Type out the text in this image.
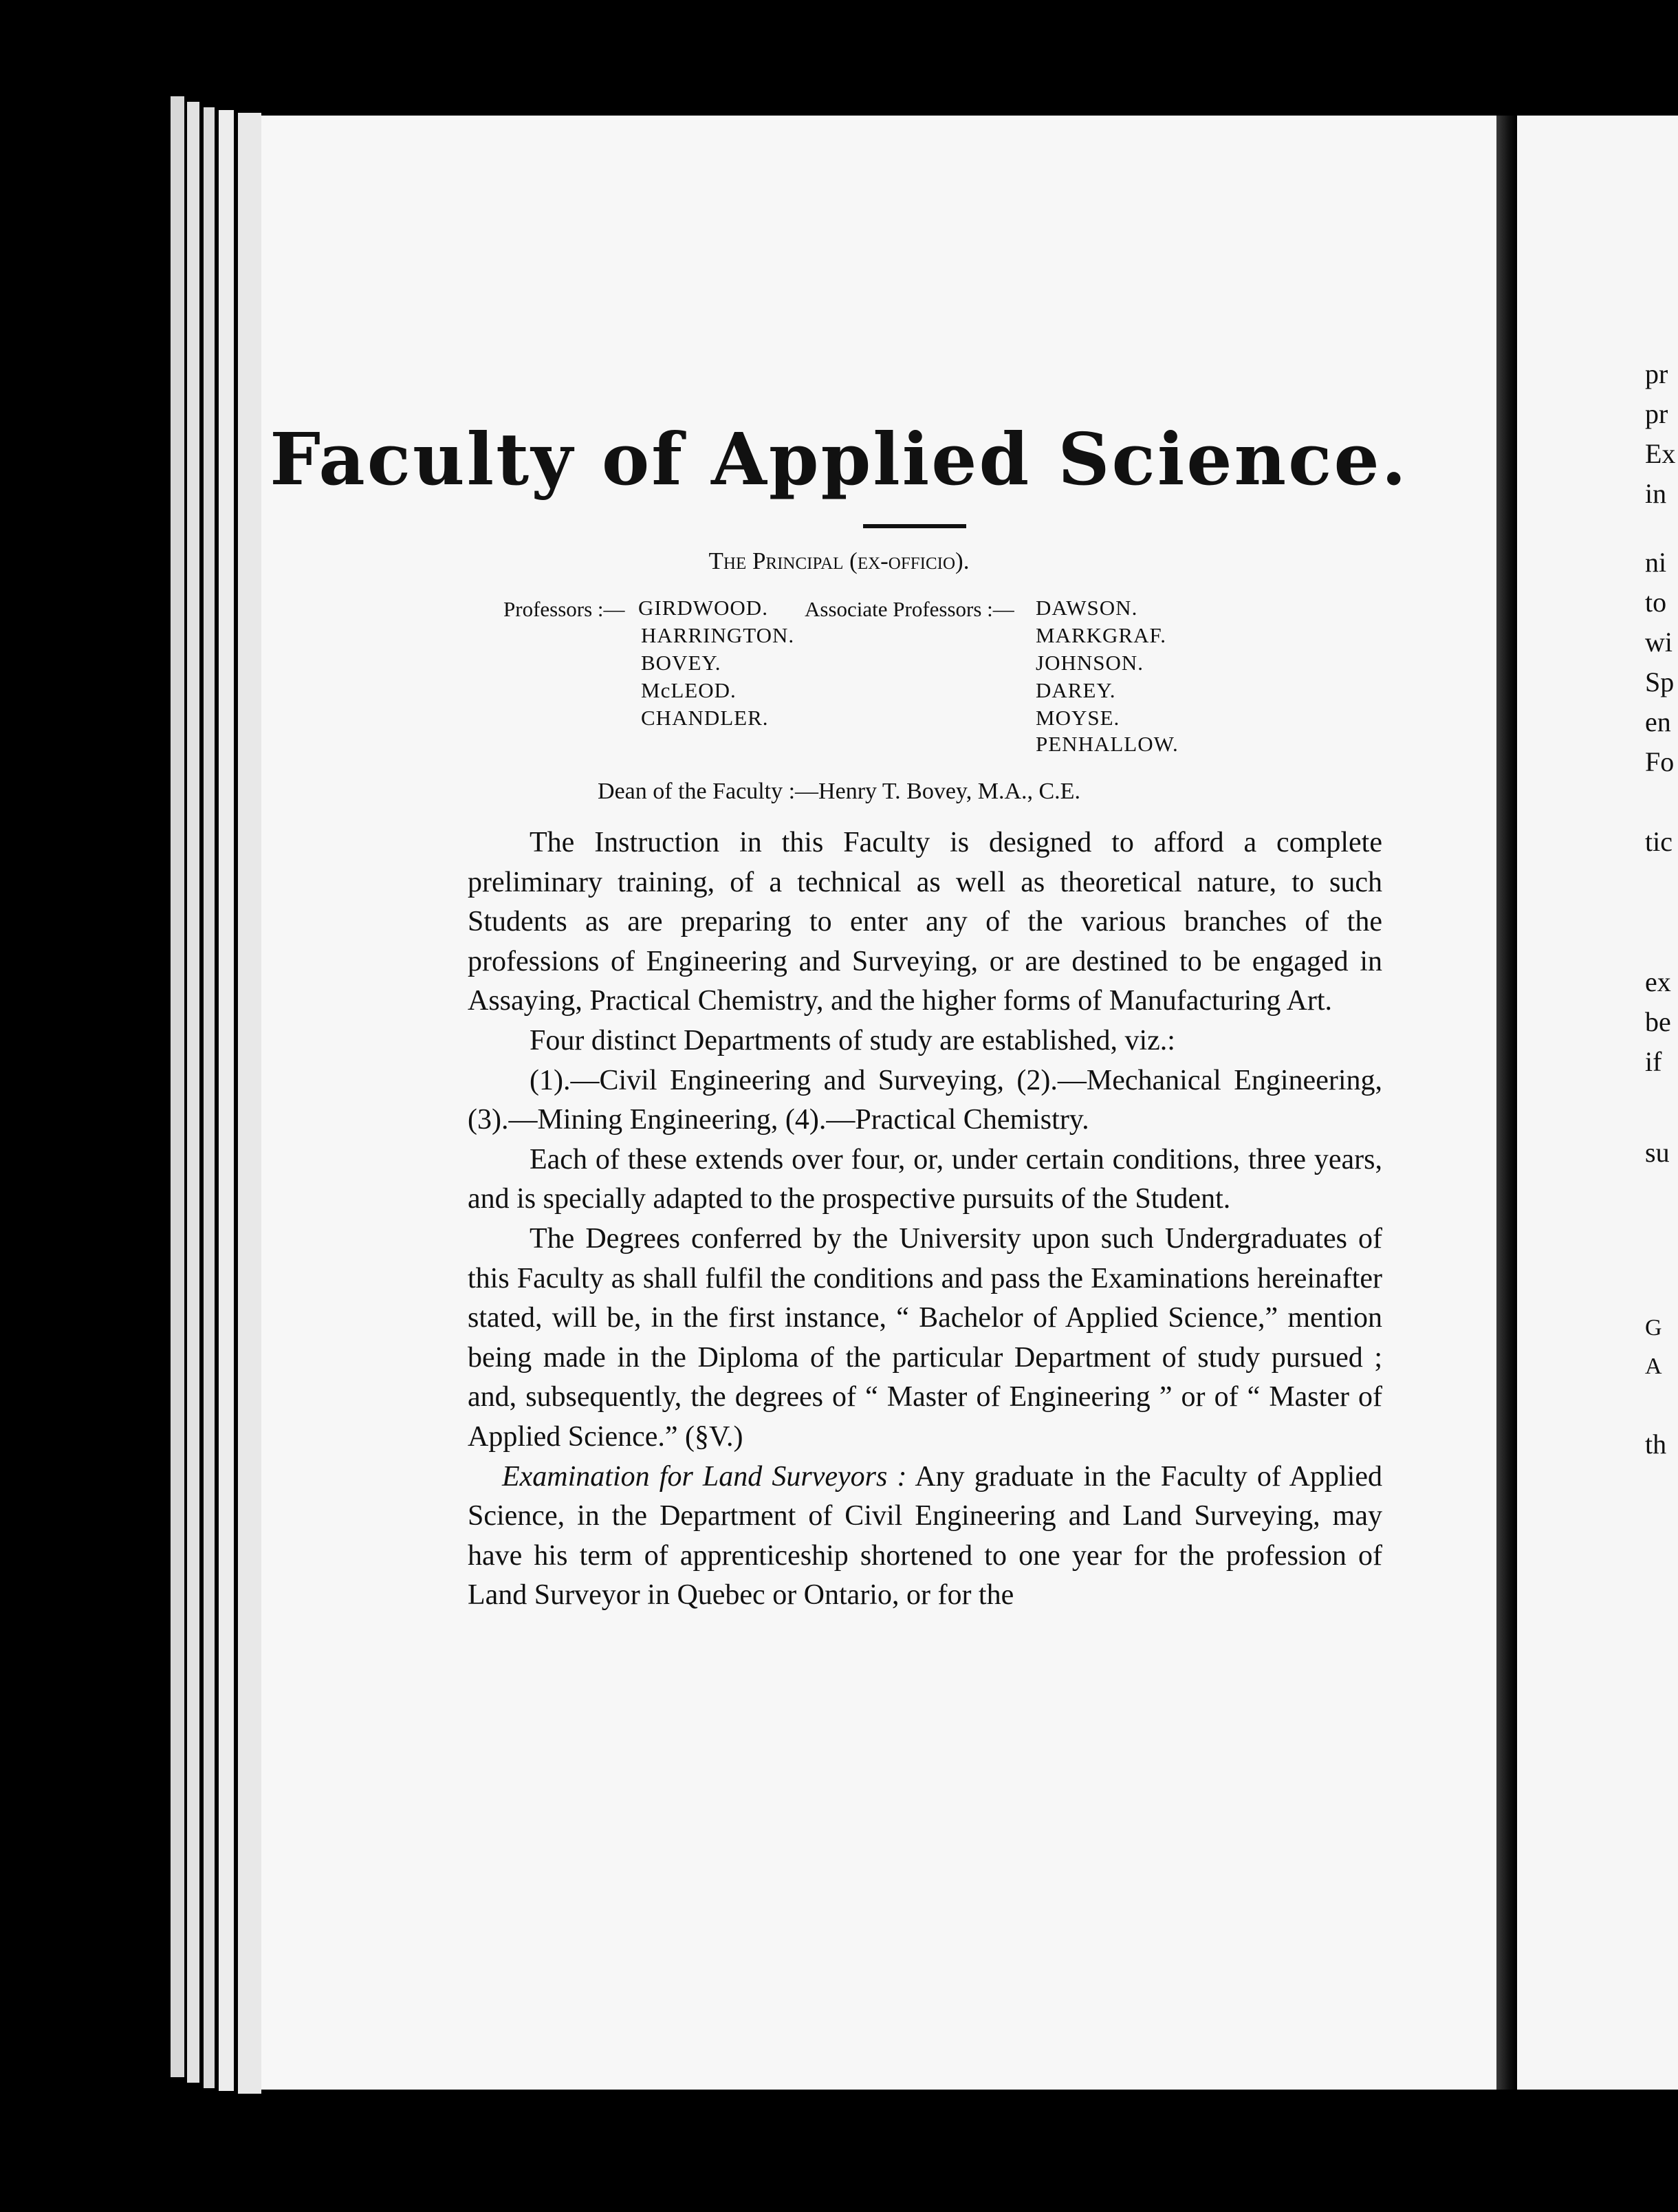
pr
pr
Ex
in
ni
to
wi
Sp
en
Fo
tic
ex
be
if
su
G
A
th
Faculty of Applied Science.
The Principal (ex-officio).
Professors :— GIRDWOOD.
HARRINGTON.
BOVEY.
McLEOD.
CHANDLER.
Associate Professors :— DAWSON.
MARKGRAF.
JOHNSON.
DAREY.
MOYSE.
PENHALLOW.
Dean of the Faculty :—Henry T. Bovey, M.A., C.E.

The Instruction in this Faculty is designed to afford a complete preliminary training, of a technical as well as theoretical nature, to such Students as are preparing to enter any of the various branches of the professions of Engineering and Surveying, or are destined to be engaged in Assaying, Practical Chemistry, and the higher forms of Manufacturing Art.

Four distinct Departments of study are established, viz.:

(1).—Civil Engineering and Surveying, (2).—Mechanical Engineering, (3).—Mining Engineering, (4).—Practical Chemistry.

Each of these extends over four, or, under certain conditions, three years, and is specially adapted to the prospective pursuits of the Student.

The Degrees conferred by the University upon such Undergraduates of this Faculty as shall fulfil the conditions and pass the Examinations hereinafter stated, will be, in the first instance, “ Bachelor of Applied Science,” mention being made in the Diploma of the particular Department of study pursued ; and, subsequently, the degrees of “ Master of Engineering ” or of “ Master of Applied Science.” (§V.)

Examination for Land Surveyors : Any graduate in the Faculty of Applied Science, in the Department of Civil Engineering and Land Surveying, may have his term of apprenticeship shortened to one year for the profession of Land Surveyor in Quebec or Ontario, or for the
